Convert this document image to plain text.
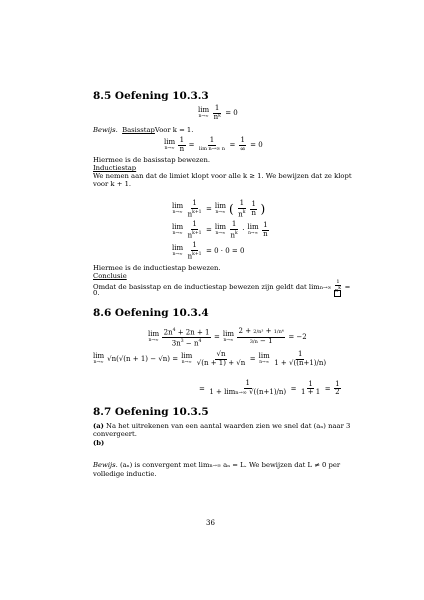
8.5 Oefening 10.3.3
lim
$n\to\infty \frac{1}{\text{nᵏ}} = 0$
Bewijs. BasisstapVoor k = 1.
lim
$n\to\infty \frac{1}{n} = \frac{1}{\text{lim n→∞ n}} = \frac{1}{\infty} = 0$
Hiermee is de basisstap bewezen.
Inductiestap
We nemen aan dat de limiet klopt voor alle k ≥ 1. We bewijzen dat ze klopt
voor k + 1.
lim
$n\to\infty \frac{1}{n^{k+1}} = \lim$
n→∞ ( $\frac{1}{n^k} \frac{1}{n}$ )
lim
$n\to\infty \frac{1}{n^{k+1}} = \lim$
$n\to\infty \frac{1}{n^k} \cdot \lim$
$n\to\infty \frac{1}{n}$
lim
$n\to\infty \frac{1}{n^{k+1}} = 0 \cdot 0 = 0$
Hiermee is de inductiestap bewezen.
Conclusie
Omdat de basisstap en de inductiestap bewezen zijn geldt dat $\lim n\to\infty \frac{1}{n^k}$ =
0.
8.6 Oefening 10.3.4
lim
$n\to\infty \frac{2n^4 + 2n + 1}{3n^3 - n^4} = \lim$
$n\to\infty \frac{\text{2 + 2/n³ + 1/n⁴}}{3/n - 1} = -2$
lim
n→∞ √n(√(n + 1) − √n) = lim
$n\to\infty \frac{√n}{√(n + 1) + √n} = \lim$
$n\to\infty \frac{1}{1 + √((n+1)/n)}$
= $\frac{1}{1 + \lim n\to\infty √((n+1)/n)} = \frac{1}{1 + 1} = \frac{1}{2}$
8.7 Oefening 10.3.5
(a) Na het uitrekenen van een aantal waarden zien we snel dat (aₙ) naar 3
convergeert.
(b)
Bewijs. (aₙ) is convergent met limn→∞ aₙ = L. We bewijzen dat L ≠ 0 per
volledige inductie.
36
